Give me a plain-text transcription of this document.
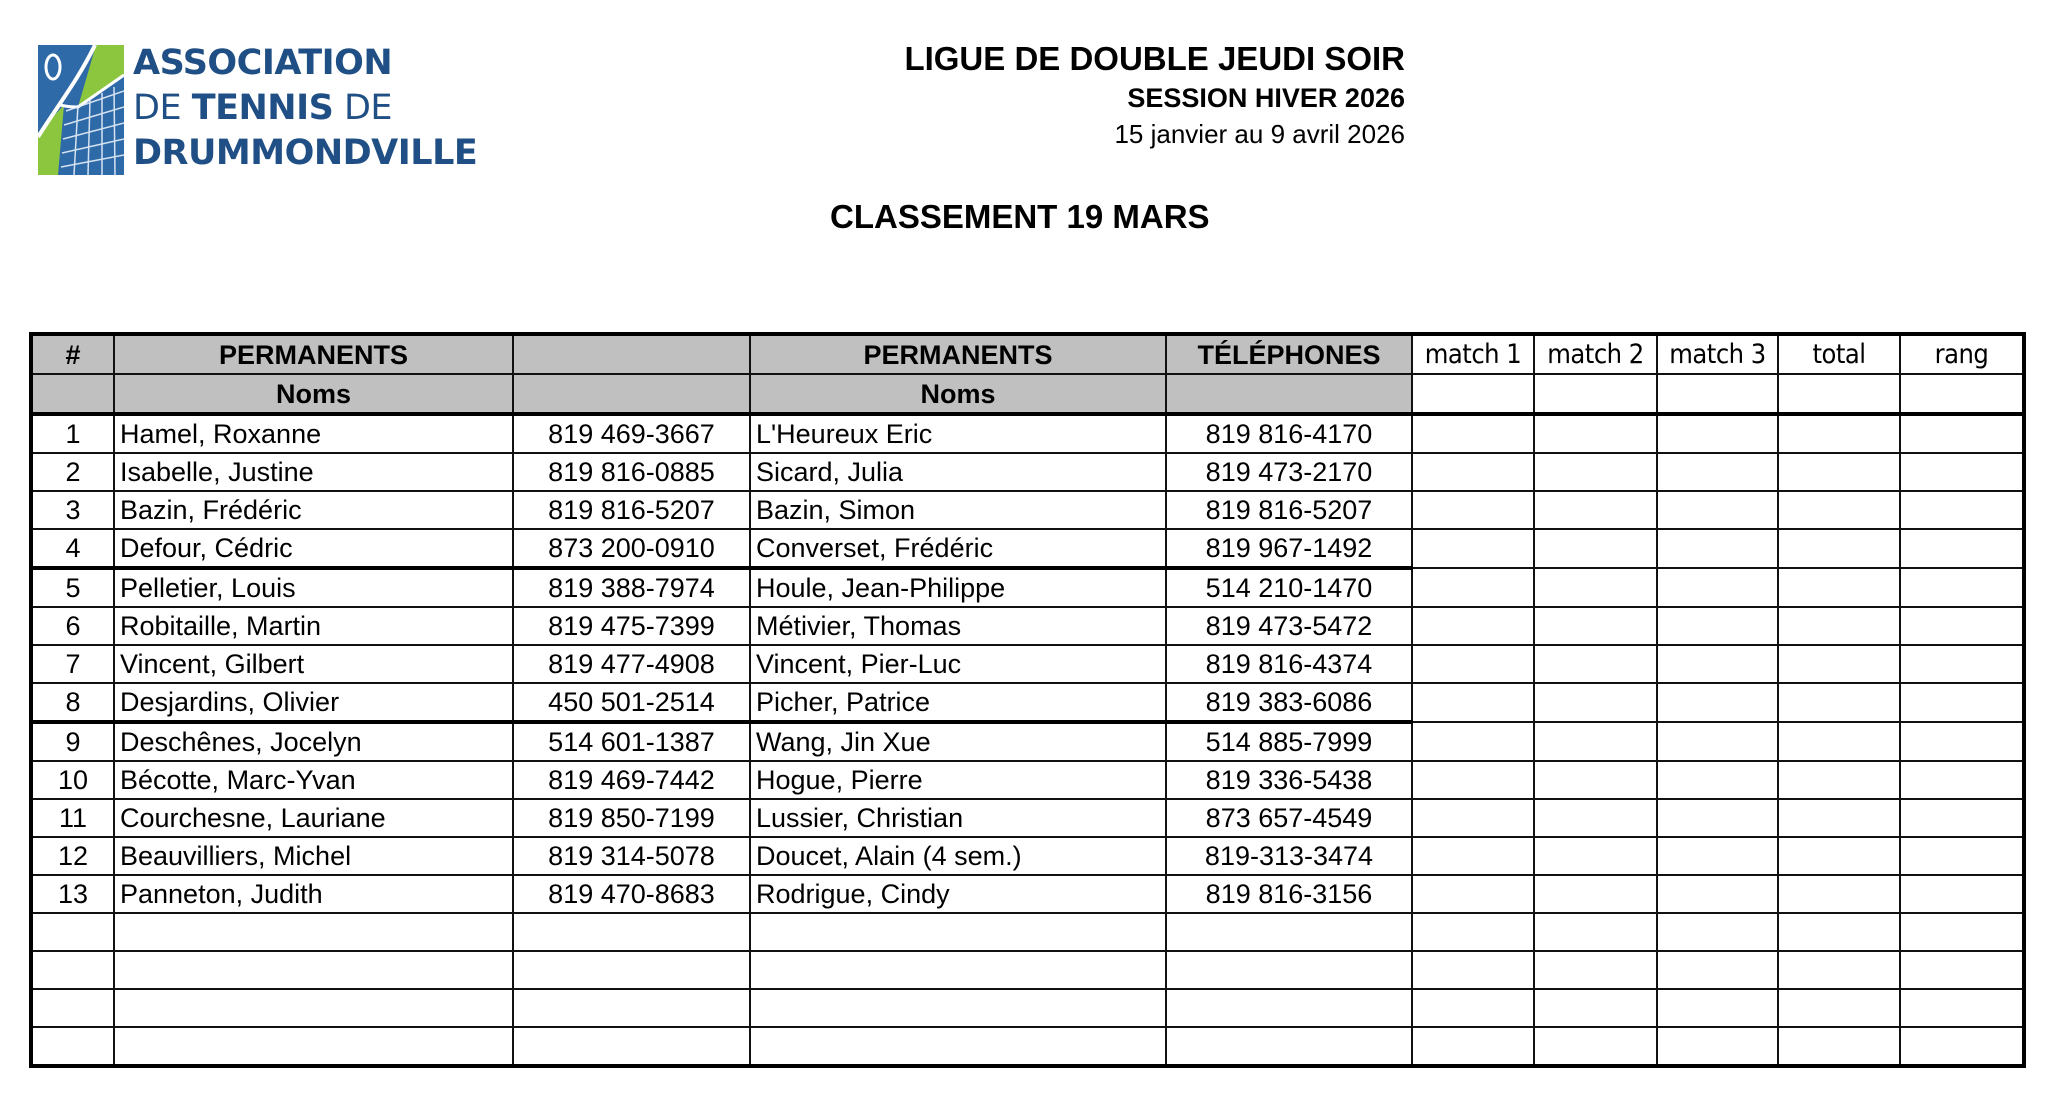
ASSOCIATION
DE TENNIS DE
DRUMMONDVILLE
LIGUE DE DOUBLE JEUDI SOIR
SESSION HIVER 2026
15 janvier au 9 avril 2026
CLASSEMENT 19 MARS
#	PERMANENTS		PERMANENTS	TÉLÉPHONES	match 1	match 2	match 3	total	rang
	Noms		Noms						
1	Hamel, Roxanne	819 469-3667	L'Heureux Eric	819 816-4170					
2	Isabelle, Justine	819 816-0885	Sicard, Julia	819 473-2170					
3	Bazin, Frédéric	819 816-5207	Bazin, Simon	819 816-5207					
4	Defour, Cédric	873 200-0910	Converset, Frédéric	819 967-1492					
5	Pelletier, Louis	819 388-7974	Houle, Jean-Philippe	514 210-1470					
6	Robitaille, Martin	819 475-7399	Métivier, Thomas	819 473-5472					
7	Vincent, Gilbert	819 477-4908	Vincent, Pier-Luc	819 816-4374					
8	Desjardins, Olivier	450 501-2514	Picher, Patrice	819 383-6086					
9	Deschênes, Jocelyn	514 601-1387	Wang, Jin Xue	514 885-7999					
10	Bécotte, Marc-Yvan	819 469-7442	Hogue, Pierre	819 336-5438					
11	Courchesne, Lauriane	819 850-7199	Lussier, Christian	873 657-4549					
12	Beauvilliers, Michel	819 314-5078	Doucet, Alain (4 sem.)	819-313-3474					
13	Panneton, Judith	819 470-8683	Rodrigue, Cindy	819 816-3156					
